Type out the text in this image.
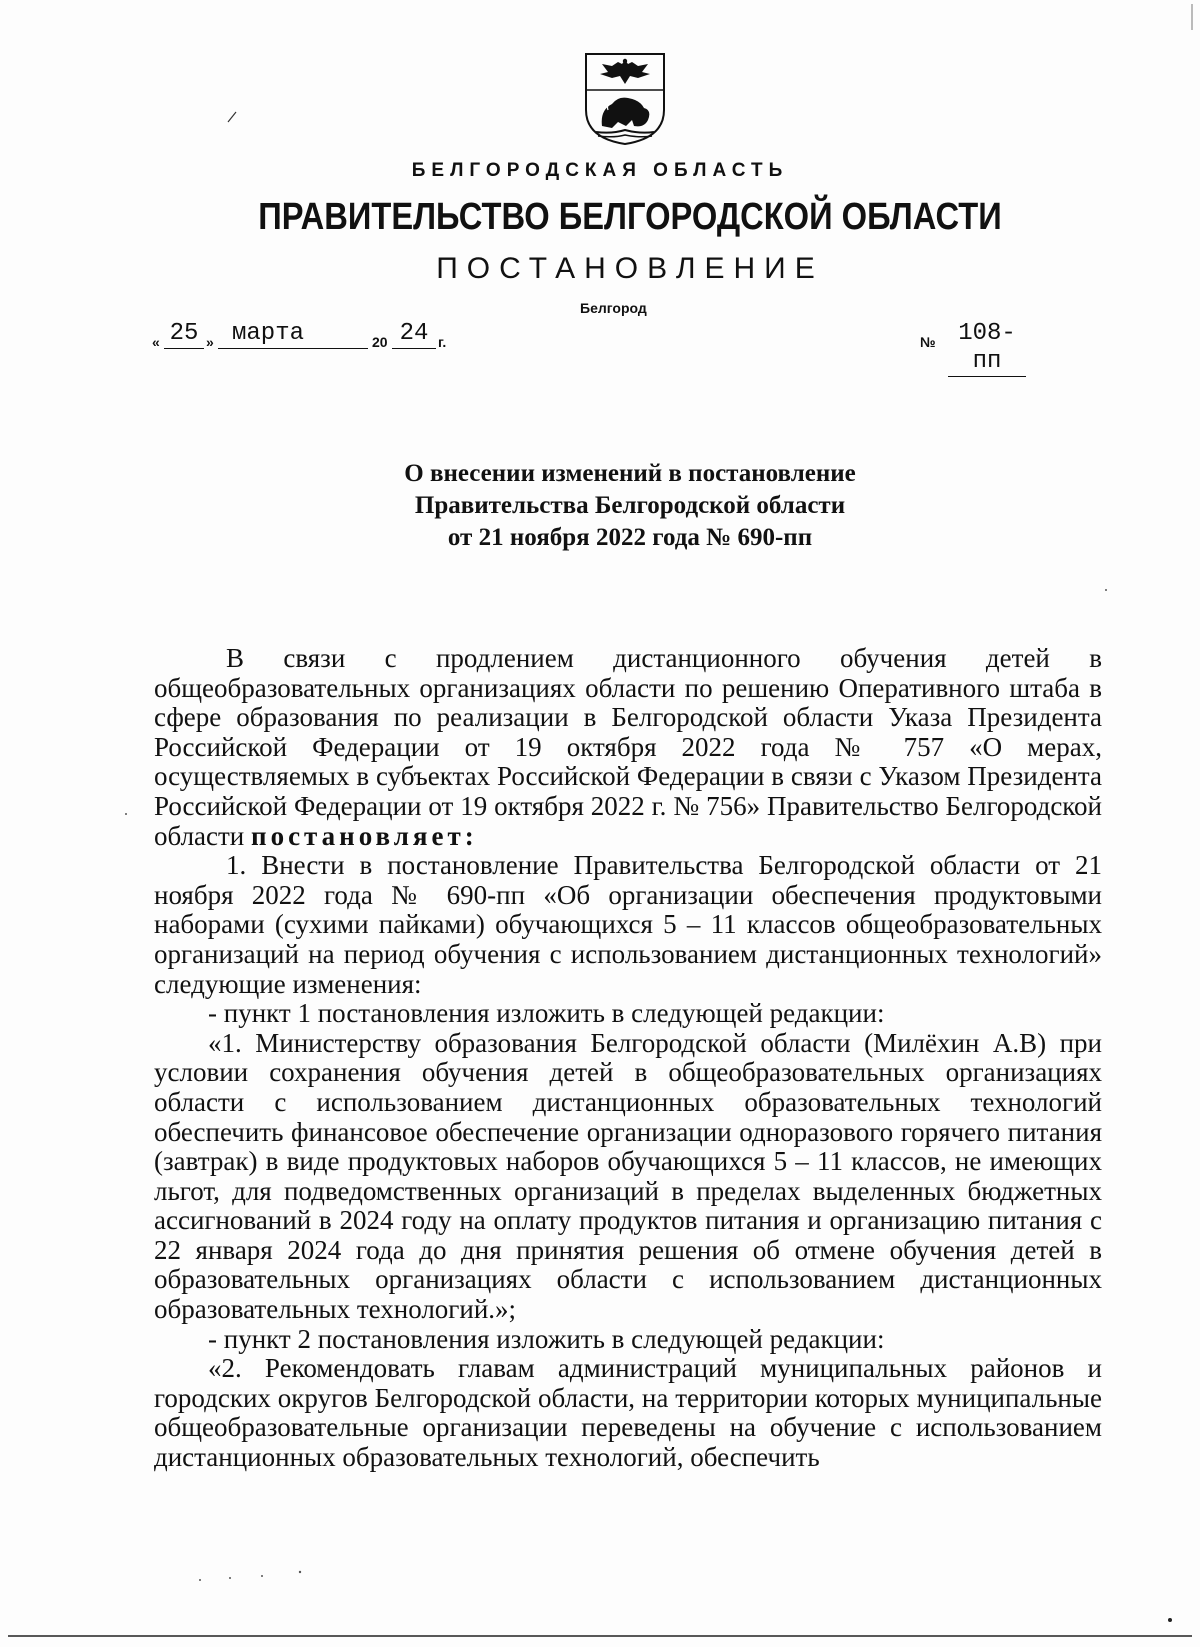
БЕЛГОРОДСКАЯ ОБЛАСТЬ
ПРАВИТЕЛЬСТВО БЕЛГОРОДСКОЙ ОБЛАСТИ
ПОСТАНОВЛЕНИЕ
Белгород
« 25 » марта	20 24 г.	№ 108-пп
О внесении изменений в постановление
Правительства Белгородской области
от 21 ноября 2022 года № 690-пп

В связи с продлением дистанционного обучения детей в общеобразовательных организациях области по решению Оперативного штаба в сфере образования по реализации в Белгородской области Указа Президента Российской Федерации от 19 октября 2022 года № 757 «О мерах, осуществляемых в субъектах Российской Федерации в связи с Указом Президента Российской Федерации от 19 октября 2022 г. № 756» Правительство Белгородской области постановляет:

1. Внести в постановление Правительства Белгородской области от 21 ноября 2022 года № 690-пп «Об организации обеспечения продуктовыми наборами (сухими пайками) обучающихся 5 – 11 классов общеобразовательных организаций на период обучения с использованием дистанционных технологий» следующие изменения:

- пункт 1 постановления изложить в следующей редакции:

«1. Министерству образования Белгородской области (Милёхин А.В) при условии сохранения обучения детей в общеобразовательных организациях области с использованием дистанционных образовательных технологий обеспечить финансовое обеспечение организации одноразового горячего питания (завтрак) в виде продуктовых наборов обучающихся 5 – 11 классов, не имеющих льгот, для подведомственных организаций в пределах выделенных бюджетных ассигнований в 2024 году на оплату продуктов питания и организацию питания с 22 января 2024 года до дня принятия решения об отмене обучения детей в образовательных организациях области с использованием дистанционных образовательных технологий.»;

- пункт 2 постановления изложить в следующей редакции:

«2. Рекомендовать главам администраций муниципальных районов и городских округов Белгородской области, на территории которых муниципальные общеобразовательные организации переведены на обучение с использованием дистанционных образовательных технологий, обеспечить
